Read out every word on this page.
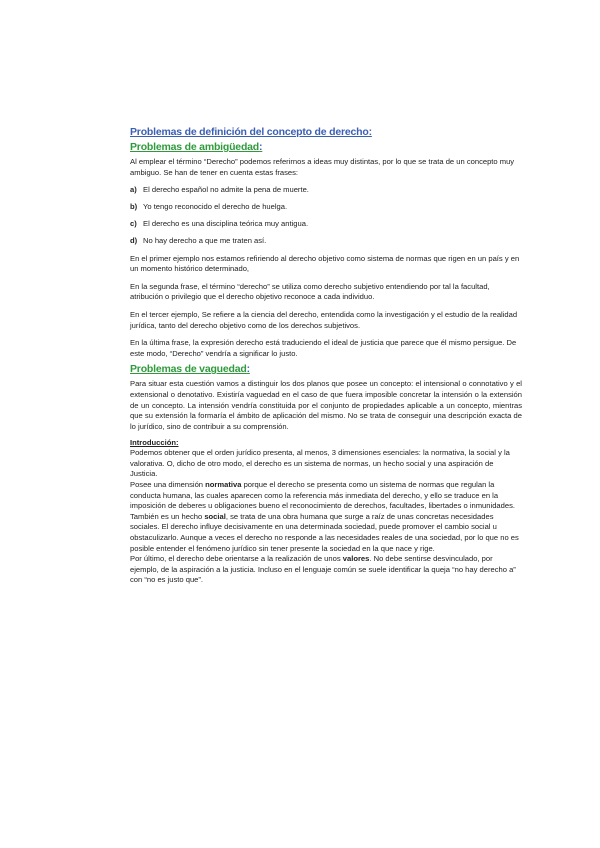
Problemas de definición del concepto de derecho:
Problemas de ambigüedad:

Al emplear el término “Derecho” podemos referirnos a ideas muy distintas, por lo que se trata de un concepto muy ambiguo. Se han de tener en cuenta estas frases:

a) El derecho español no admite la pena de muerte.
b) Yo tengo reconocido el derecho de huelga.
c) El derecho es una disciplina teórica muy antigua.
d) No hay derecho a que me traten así.

En el primer ejemplo nos estamos refiriendo al derecho objetivo como sistema de normas que rigen en un país y en un momento histórico determinado,

En la segunda frase, el término “derecho” se utiliza como derecho subjetivo entendiendo por tal la facultad, atribución o privilegio que el derecho objetivo reconoce a cada individuo.

En el tercer ejemplo, Se refiere a la ciencia del derecho, entendida como la investigación y el estudio de la realidad jurídica, tanto del derecho objetivo como de los derechos subjetivos.

En la última frase, la expresión derecho está traduciendo el ideal de justicia que parece que él mismo persigue. De este modo, “Derecho” vendría a significar lo justo.

Problemas de vaguedad:

Para situar esta cuestión vamos a distinguir los dos planos que posee un concepto: el intensional o connotativo y el extensional o denotativo. Existiría vaguedad en el caso de que fuera imposible concretar la intensión o la extensión de un concepto. La intensión vendría constituida por el conjunto de propiedades aplicable a un concepto, mientras que su extensión la formaría el ámbito de aplicación del mismo. No se trata de conseguir una descripción exacta de lo jurídico, sino de contribuir a su comprensión.

Introducción:

Podemos obtener que el orden jurídico presenta, al menos, 3 dimensiones esenciales: la normativa, la social y la valorativa. O, dicho de otro modo, el derecho es un sistema de normas, un hecho social y una aspiración de Justicia.

Posee una dimensión normativa porque el derecho se presenta como un sistema de normas que regulan la conducta humana, las cuales aparecen como la referencia más inmediata del derecho, y ello se traduce en la imposición de deberes u obligaciones bueno el reconocimiento de derechos, facultades, libertades o inmunidades.

También es un hecho social, se trata de una obra humana que surge a raíz de unas concretas necesidades sociales. El derecho influye decisivamente en una determinada sociedad, puede promover el cambio social u obstaculizarlo. Aunque a veces el derecho no responde a las necesidades reales de una sociedad, por lo que no es posible entender el fenómeno jurídico sin tener presente la sociedad en la que nace y rige.

Por último, el derecho debe orientarse a la realización de unos valores. No debe sentirse desvinculado, por ejemplo, de la aspiración a la justicia. Incluso en el lenguaje común se suele identificar la queja “no hay derecho a” con “no es justo que”.
